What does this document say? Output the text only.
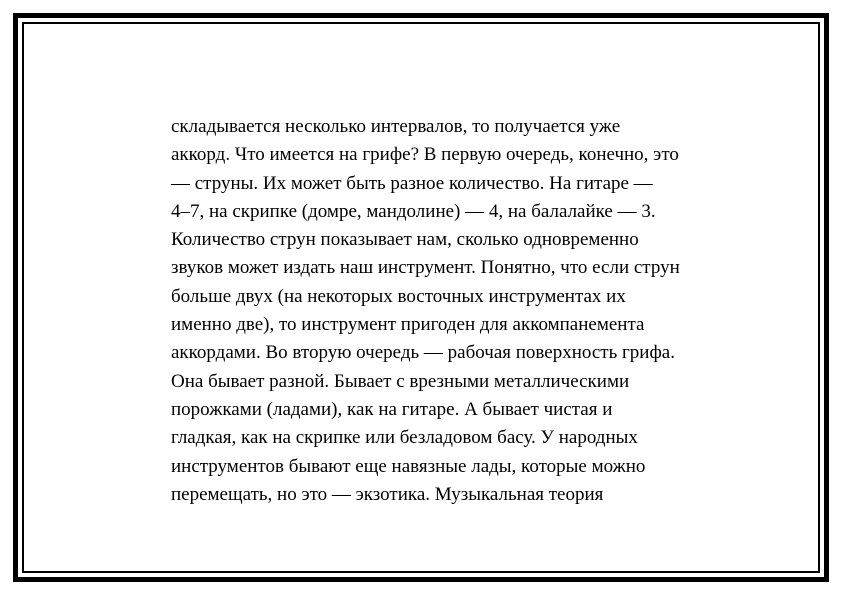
складывается несколько интервалов, то получается уже
аккорд. Что имеется на грифе? В первую очередь, конечно, это
— струны. Их может быть разное количество. На гитаре —
4–7, на скрипке (домре, мандолине) — 4, на балалайке — 3.
Количество струн показывает нам, сколько одновременно
звуков может издать наш инструмент. Понятно, что если струн
больше двух (на некоторых восточных инструментах их
именно две), то инструмент пригоден для аккомпанемента
аккордами. Во вторую очередь — рабочая поверхность грифа.
Она бывает разной. Бывает с врезными металлическими
порожками (ладами), как на гитаре. А бывает чистая и
гладкая, как на скрипке или безладовом басу. У народных
инструментов бывают еще навязные лады, которые можно
перемещать, но это — экзотика. Музыкальная теория
